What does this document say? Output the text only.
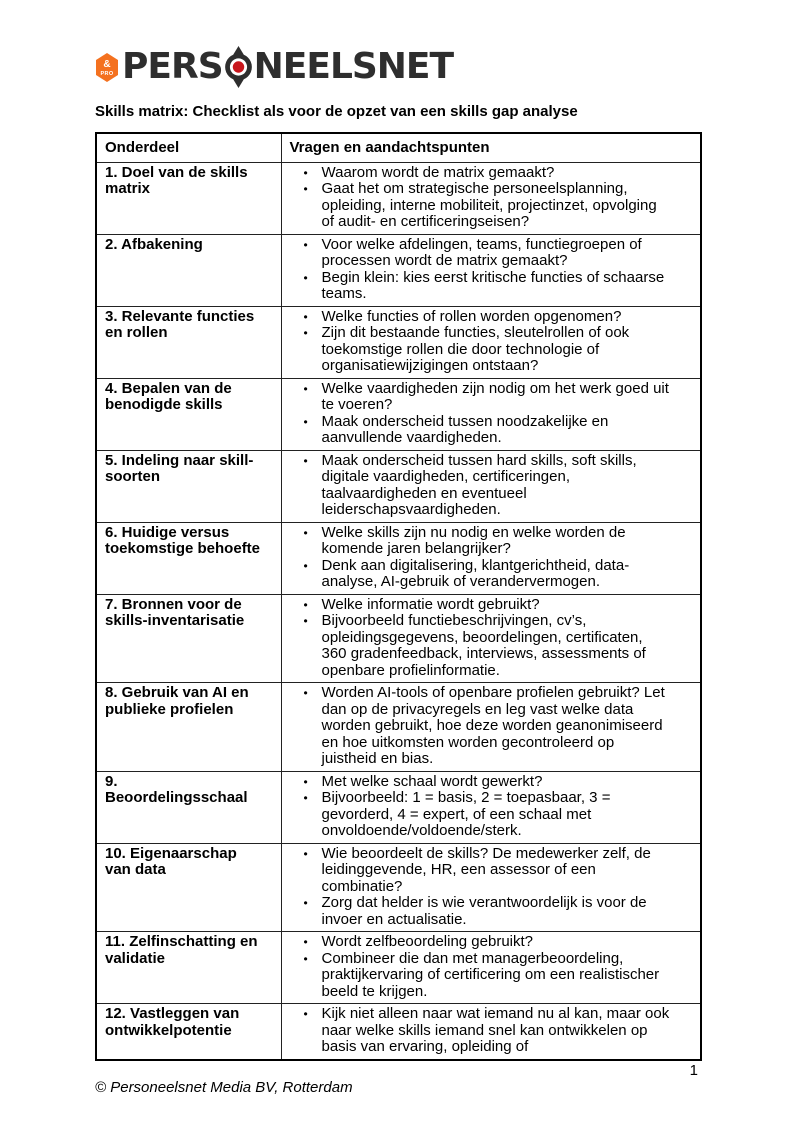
&
PRO PERS NEELSNET
Skills matrix: Checklist als voor de opzet van een skills gap analyse
Onderdeel	Vragen en aandachtspunten
1. Doel van de skills matrix	• Waarom wordt de matrix gemaakt?
• Gaat het om strategische personeelsplanning, opleiding, interne mobiliteit, projectinzet, opvolging of audit- en certificeringseisen?

2. Afbakening	• Voor welke afdelingen, teams, functiegroepen of processen wordt de matrix gemaakt?
• Begin klein: kies eerst kritische functies of schaarse teams.

3. Relevante functies en rollen	• Welke functies of rollen worden opgenomen?
• Zijn dit bestaande functies, sleutelrollen of ook toekomstige rollen die door technologie of organisatiewijzigingen ontstaan?

4. Bepalen van de benodigde skills	• Welke vaardigheden zijn nodig om het werk goed uit te voeren?
• Maak onderscheid tussen noodzakelijke en aanvullende vaardigheden.

5. Indeling naar skill-soorten	• Maak onderscheid tussen hard skills, soft skills, digitale vaardigheden, certificeringen, taalvaardigheden en eventueel leiderschapsvaardigheden.

6. Huidige versus toekomstige behoefte	• Welke skills zijn nu nodig en welke worden de komende jaren belangrijker?
• Denk aan digitalisering, klantgerichtheid, data-analyse, AI-gebruik of verandervermogen.

7. Bronnen voor de skills-inventarisatie	• Welke informatie wordt gebruikt?
• Bijvoorbeeld functiebeschrijvingen, cv’s, opleidingsgegevens, beoordelingen, certificaten, 360 gradenfeedback, interviews, assessments of openbare profielinformatie.

8. Gebruik van AI en publieke profielen	• Worden AI-tools of openbare profielen gebruikt? Let dan op de privacyregels en leg vast welke data worden gebruikt, hoe deze worden geanonimiseerd en hoe uitkomsten worden gecontroleerd op juistheid en bias.

9. Beoordelingsschaal	• Met welke schaal wordt gewerkt?
• Bijvoorbeeld: 1 = basis, 2 = toepasbaar, 3 = gevorderd, 4 = expert, of een schaal met onvoldoende/voldoende/sterk.

10. Eigenaarschap van data	• Wie beoordeelt de skills? De medewerker zelf, de leidinggevende, HR, een assessor of een combinatie?
• Zorg dat helder is wie verantwoordelijk is voor de invoer en actualisatie.

11. Zelfinschatting en validatie	• Wordt zelfbeoordeling gebruikt?
• Combineer die dan met managerbeoordeling, praktijkervaring of certificering om een realistischer beeld te krijgen.

12. Vastleggen van ontwikkelpotentie	• Kijk niet alleen naar wat iemand nu al kan, maar ook naar welke skills iemand snel kan ontwikkelen op basis van ervaring, opleiding of
1
© Personeelsnet Media BV, Rotterdam
